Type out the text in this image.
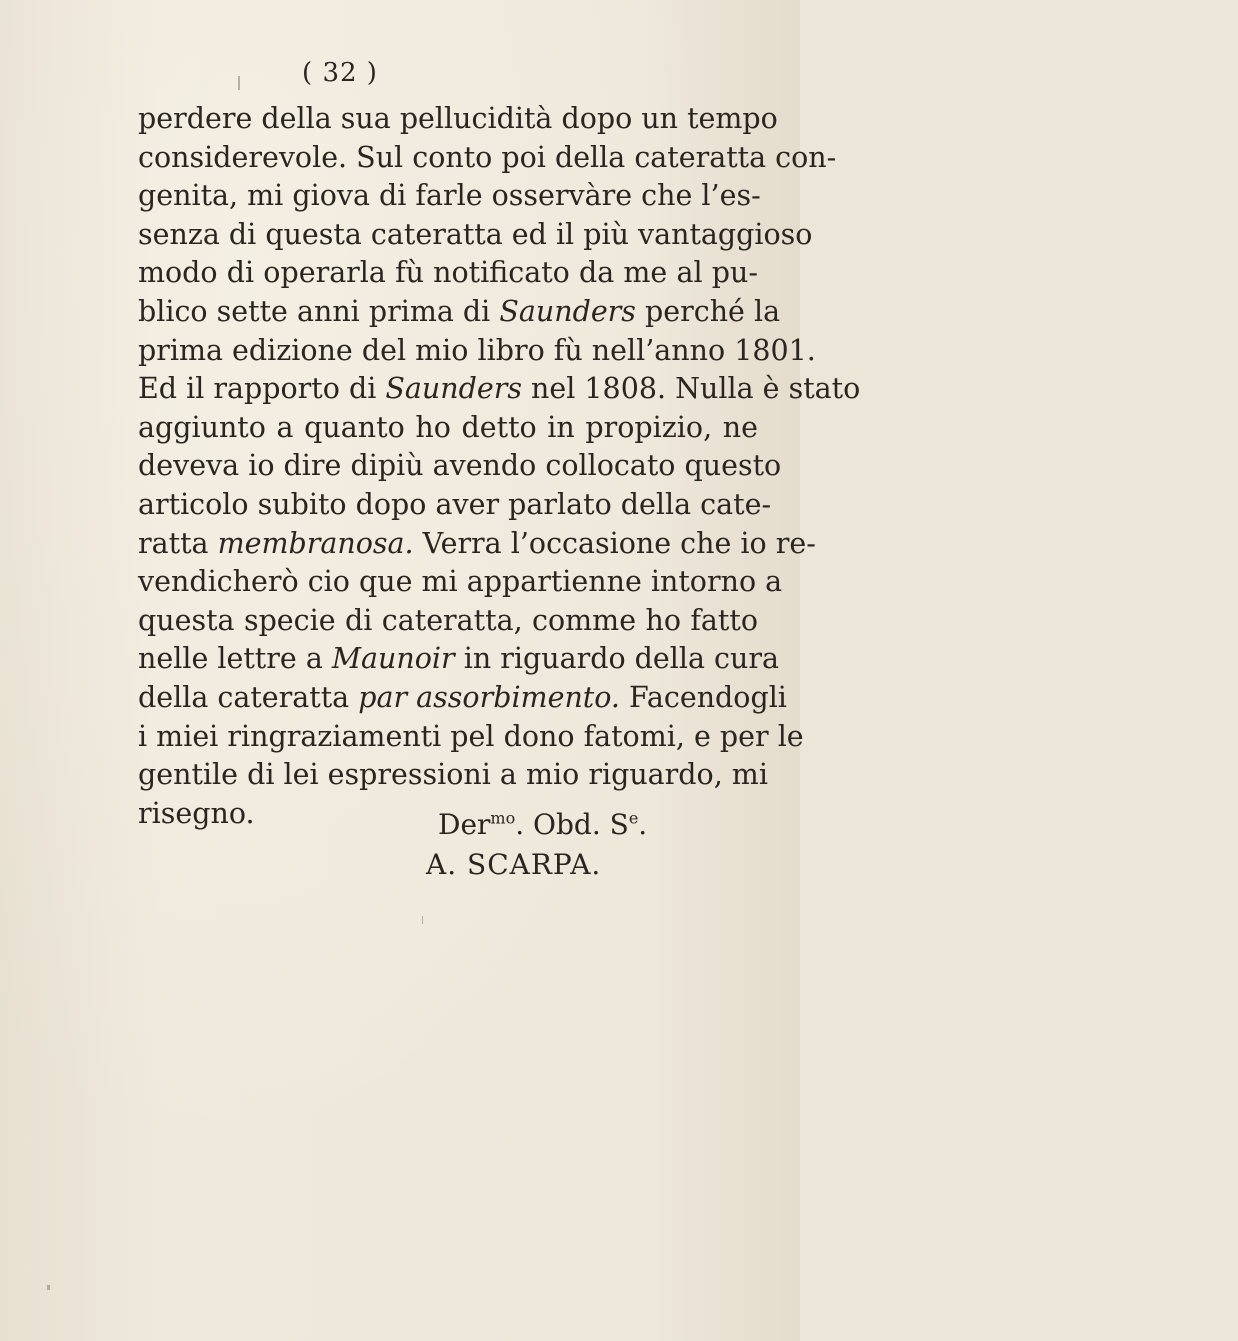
( 32 )
perdere della sua pellucidità dopo un tempo
considerevole. Sul conto poi della cateratta con-
genita, mi giova di farle osservàre che l’es-
senza di questa cateratta ed il più vantaggioso
modo di operarla fù notificato da me al pu-
blico sette anni prima di Saunders perché la
prima edizione del mio libro fù nell’anno 1801.
Ed il rapporto di Saunders nel 1808. Nulla è stato
aggiunto a quanto ho detto in propizio, ne
deveva io dire dipiù avendo collocato questo
articolo subito dopo aver parlato della cate-
ratta membranosa. Verra l’occasione che io re-
vendicherò cio que mi appartienne intorno a
questa specie di cateratta, comme ho fatto
nelle lettre a Maunoir in riguardo della cura
della cateratta par assorbimento. Facendogli
i miei ringraziamenti pel dono fatomi, e per le
gentile di lei espressioni a mio riguardo, mi
risegno.	Der$^{mo}$. Obd. $S^e$.
A. SCARPA.
